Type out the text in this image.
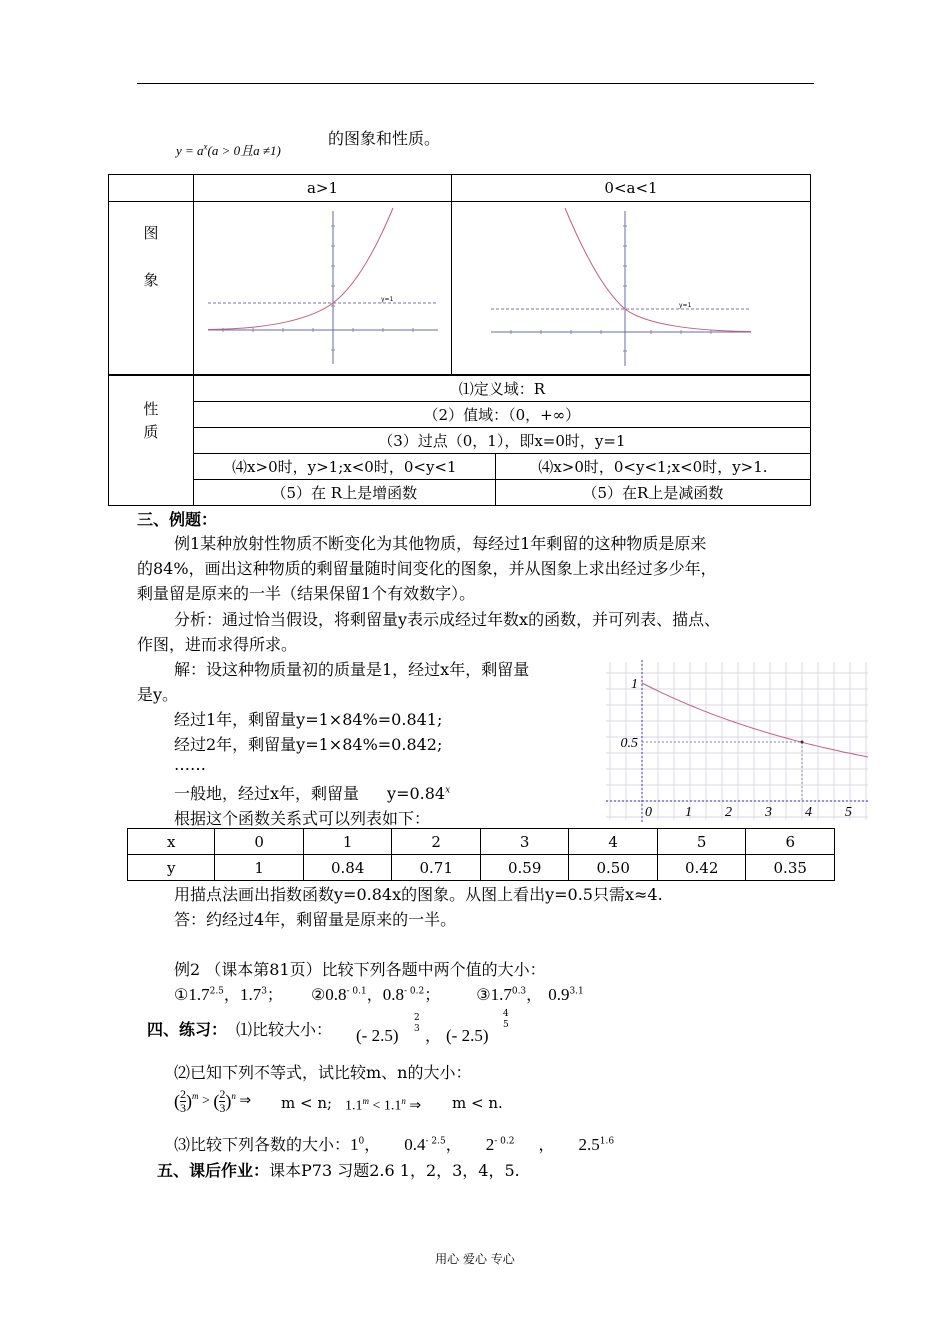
$y = a^x(a > 0$且a ≠1)
的图象和性质。
	a>1	0<a<1

图
象	y=1	y=1
性
质	⑴定义域：R	
	（2）值域：（0，+∞）	
	（3）过点（0，1），即x=0时，y=1	
	⑷x>0时，y>1;x<0时，0<y<1	⑷x>0时，0<y<1;x<0时，y>1.
	（5）在 R上是增函数	（5）在R上是减函数
三、例题：
例1某种放射性物质不断变化为其他物质，每经过1年剩留的这种物质是原来
的84%，画出这种物质的剩留量随时间变化的图象，并从图象上求出经过多少年，
剩量留是原来的一半（结果保留1个有效数字）。
分析：通过恰当假设，将剩留量y表示成经过年数x的函数，并可列表、描点、
作图，进而求得所求。
解：设这种物质量初的质量是1，经过x年，剩留量
是y。
经过1年，剩留量y=1×84%=0.841;
经过2年，剩留量y=1×84%=0.842;
……
一般地，经过x年，剩留量 $y=0.84^x$
根据这个函数关系式可以列表如下：	0 1 2 3 4 5
1
0.5
x	0	1	2	3	4	5	6
y	1	0.84	0.71	0.59	0.50	0.42	0.35
用描点法画出指数函数y=0.84x的图象。从图上看出y=0.5只需x≈4.
答：约经过4年，剩留量是原来的一半。
例2 （课本第81页）比较下列各题中两个值的大小：
$①1.7^{2.5}$，$1.7^3$； $②0.8^{- 0.1}$，$0.8^{- 0.2}$； $③1.7^{0.3}$， $0.9^{3.1}$
四、练习： ⑴比较大小： (- 2.5)
2
3 ， (- 2.5)
4
5
⑵已知下列不等式，试比较m、n的大小：
( $\frac{2}{3} )^m$ > ( $\frac{2}{3} )^n$ ⇒ m < n; $1.1^m < 1.1^n$ ⇒ m < n.
⑶比较下列各数的大小：$1^0$， $0.4^{- 2.5}$， $2^{- 0.2}$ ， $2.5^{1.6}$
五、课后作业：课本P73 习题2.6 1，2，3，4，5.
用心 爱心 专心
